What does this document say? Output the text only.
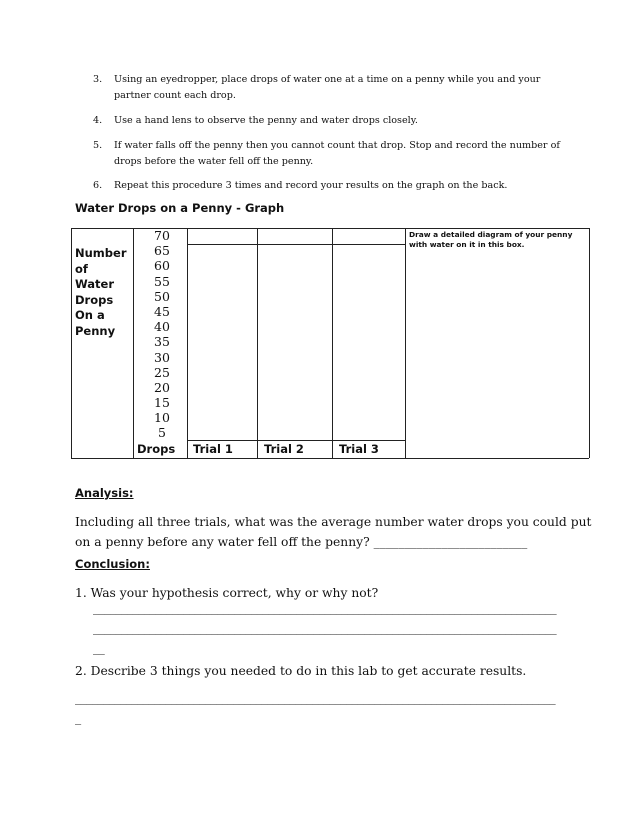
3. Using an eyedropper, place drops of water one at a time on a penny while you and your partner count each drop.
4. Use a hand lens to observe the penny and water drops closely.
5. If water falls off the penny then you cannot count that drop. Stop and record the number of drops before the water fell off the penny.
6. Repeat this procedure 3 times and record your results on the graph on the back.
Water Drops on a Penny - Graph
Number
of
Water
Drops
On a
Penny
70
65
60
55
50
45
40
35
30
25
20
15
10
5
Drops Trial 1	Trial 2	Trial 3
Draw a detailed diagram of your penny with water on it in this box.
Analysis:
Including all three trials, what was the average number water drops you could put on a penny before any water fell off the penny? _________________________
Conclusion:
1. Was your hypothesis correct, why or why not?
__________________________________________________________________________________
__________________________________________________________________________________
__
2. Describe 3 things you needed to do in this lab to get accurate results.
_____________________________________________________________________________________
_
